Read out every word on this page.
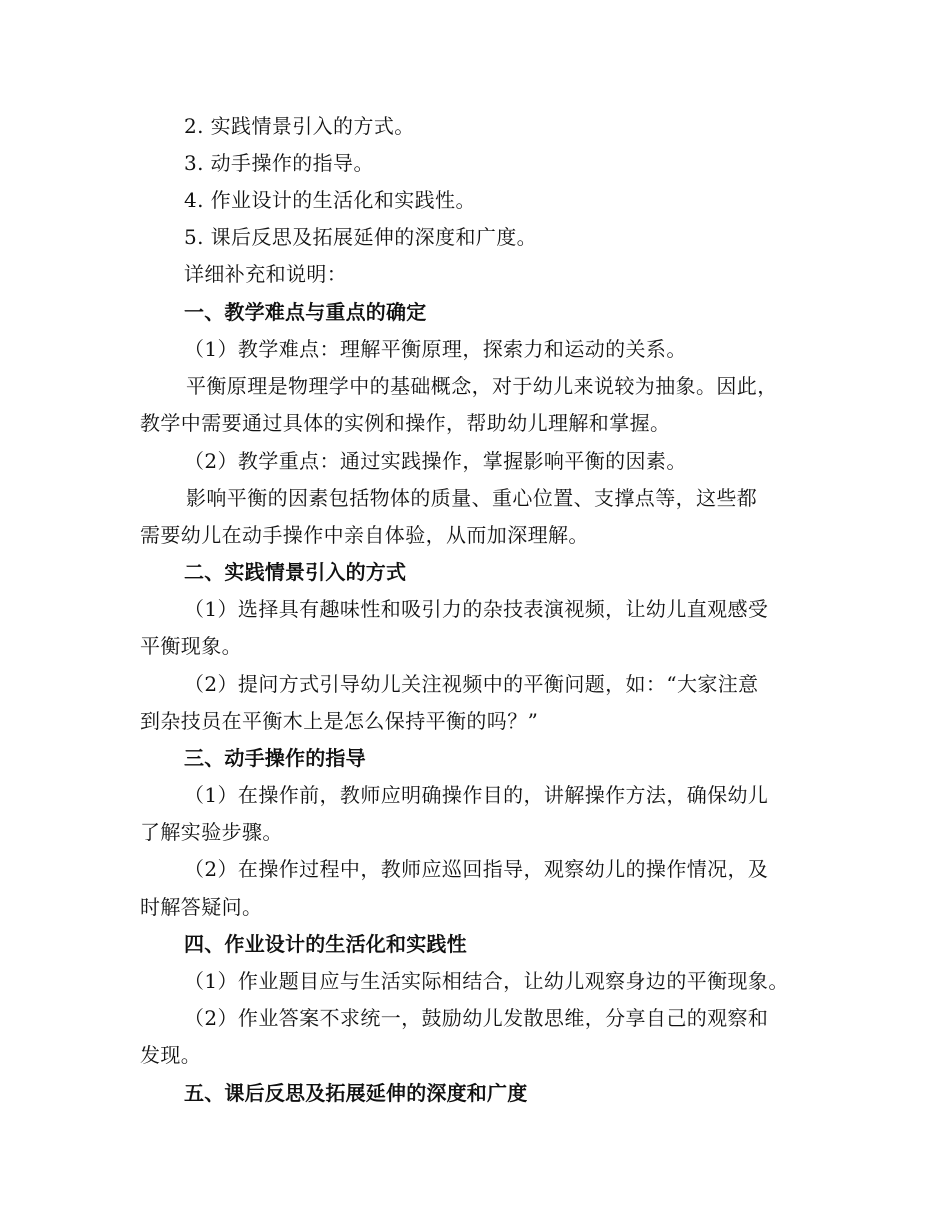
2. 实践情景引入的方式。
3. 动手操作的指导。
4. 作业设计的生活化和实践性。
5. 课后反思及拓展延伸的深度和广度。
详细补充和说明：
一、教学难点与重点的确定
（1）教学难点：理解平衡原理，探索力和运动的关系。
平衡原理是物理学中的基础概念，对于幼儿来说较为抽象。因此，
教学中需要通过具体的实例和操作，帮助幼儿理解和掌握。
（2）教学重点：通过实践操作，掌握影响平衡的因素。
影响平衡的因素包括物体的质量、重心位置、支撑点等，这些都
需要幼儿在动手操作中亲自体验，从而加深理解。
二、实践情景引入的方式
（1）选择具有趣味性和吸引力的杂技表演视频，让幼儿直观感受
平衡现象。
（2）提问方式引导幼儿关注视频中的平衡问题，如：“大家注意
到杂技员在平衡木上是怎么保持平衡的吗？”
三、动手操作的指导
（1）在操作前，教师应明确操作目的，讲解操作方法，确保幼儿
了解实验步骤。
（2）在操作过程中，教师应巡回指导，观察幼儿的操作情况，及
时解答疑问。
四、作业设计的生活化和实践性
（1）作业题目应与生活实际相结合，让幼儿观察身边的平衡现象。
（2）作业答案不求统一，鼓励幼儿发散思维，分享自己的观察和
发现。
五、课后反思及拓展延伸的深度和广度
